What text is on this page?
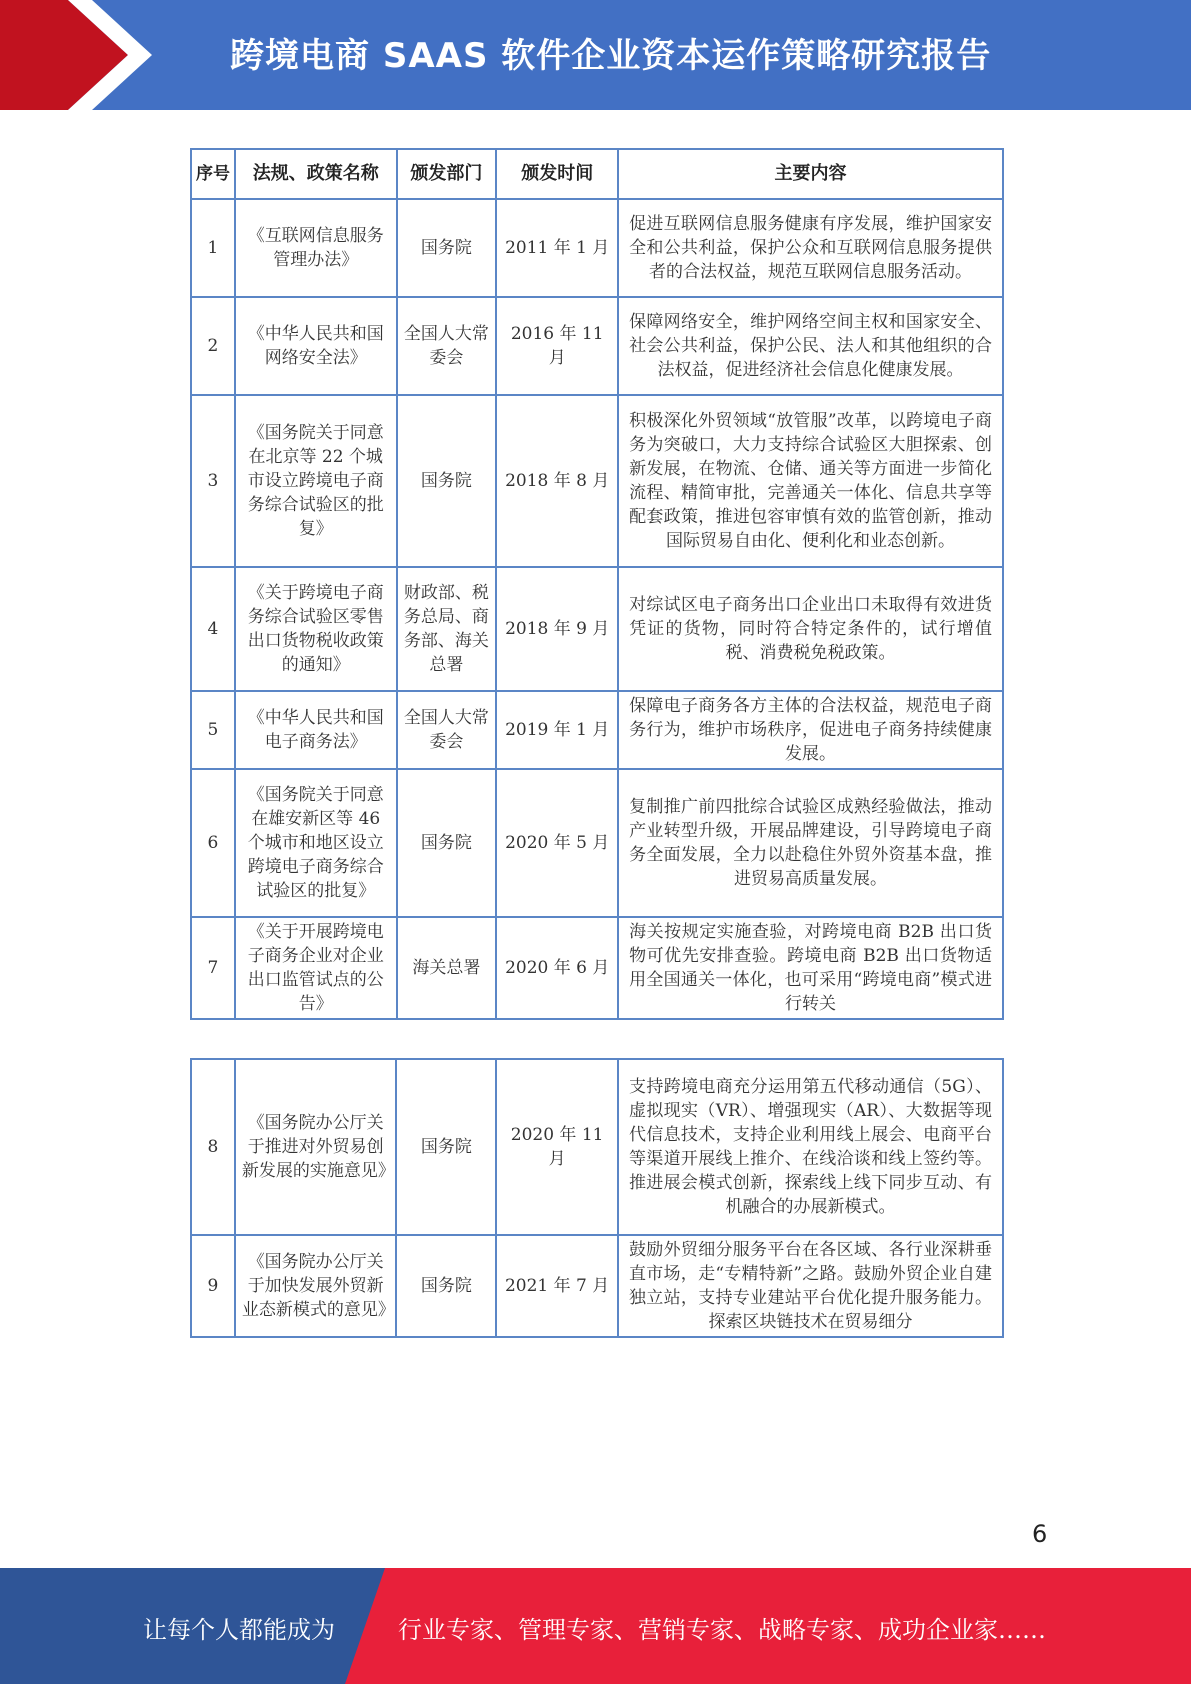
跨境电商 SAAS 软件企业资本运作策略研究报告
序号	法规、政策名称	颁发部门	颁发时间	主要内容
1	《互联网信息服务管理办法》	国务院	2011 年 1 月	促进互联网信息服务健康有序发展，维护国家安全和公共利益，保护公众和互联网信息服务提供者的合法权益，规范互联网信息服务活动。
2	《中华人民共和国网络安全法》	全国人大常委会	2016 年 11 月	保障网络安全，维护网络空间主权和国家安全、社会公共利益，保护公民、法人和其他组织的合法权益，促进经济社会信息化健康发展。
3	《国务院关于同意在北京等 22 个城市设立跨境电子商务综合试验区的批复》	国务院	2018 年 8 月	积极深化外贸领域“放管服”改革，以跨境电子商务为突破口，大力支持综合试验区大胆探索、创新发展，在物流、仓储、通关等方面进一步简化流程、精简审批，完善通关一体化、信息共享等配套政策，推进包容审慎有效的监管创新，推动国际贸易自由化、便利化和业态创新。
4	《关于跨境电子商务综合试验区零售出口货物税收政策的通知》	财政部、税务总局、商务部、海关总署	2018 年 9 月	对综试区电子商务出口企业出口未取得有效进货凭证的货物，同时符合特定条件的，试行增值税、消费税免税政策。
5	《中华人民共和国电子商务法》	全国人大常委会	2019 年 1 月	保障电子商务各方主体的合法权益，规范电子商务行为，维护市场秩序，促进电子商务持续健康发展。
6	《国务院关于同意在雄安新区等 46 个城市和地区设立跨境电子商务综合试验区的批复》	国务院	2020 年 5 月	复制推广前四批综合试验区成熟经验做法，推动产业转型升级，开展品牌建设，引导跨境电子商务全面发展，全力以赴稳住外贸外资基本盘，推进贸易高质量发展。
7	《关于开展跨境电子商务企业对企业出口监管试点的公告》	海关总署	2020 年 6 月	海关按规定实施查验，对跨境电商 B2B 出口货物可优先安排查验。跨境电商 B2B 出口货物适用全国通关一体化，也可采用“跨境电商”模式进行转关
8	《国务院办公厅关于推进对外贸易创新发展的实施意见》	国务院	2020 年 11 月	支持跨境电商充分运用第五代移动通信（5G）、虚拟现实（VR）、增强现实（AR）、大数据等现代信息技术，支持企业利用线上展会、电商平台等渠道开展线上推介、在线洽谈和线上签约等。推进展会模式创新，探索线上线下同步互动、有机融合的办展新模式。
9	《国务院办公厅关于加快发展外贸新业态新模式的意见》	国务院	2021 年 7 月	鼓励外贸细分服务平台在各区域、各行业深耕垂直市场，走“专精特新”之路。鼓励外贸企业自建独立站，支持专业建站平台优化提升服务能力。探索区块链技术在贸易细分
6
让每个人都能成为	行业专家、管理专家、营销专家、战略专家、成功企业家……
